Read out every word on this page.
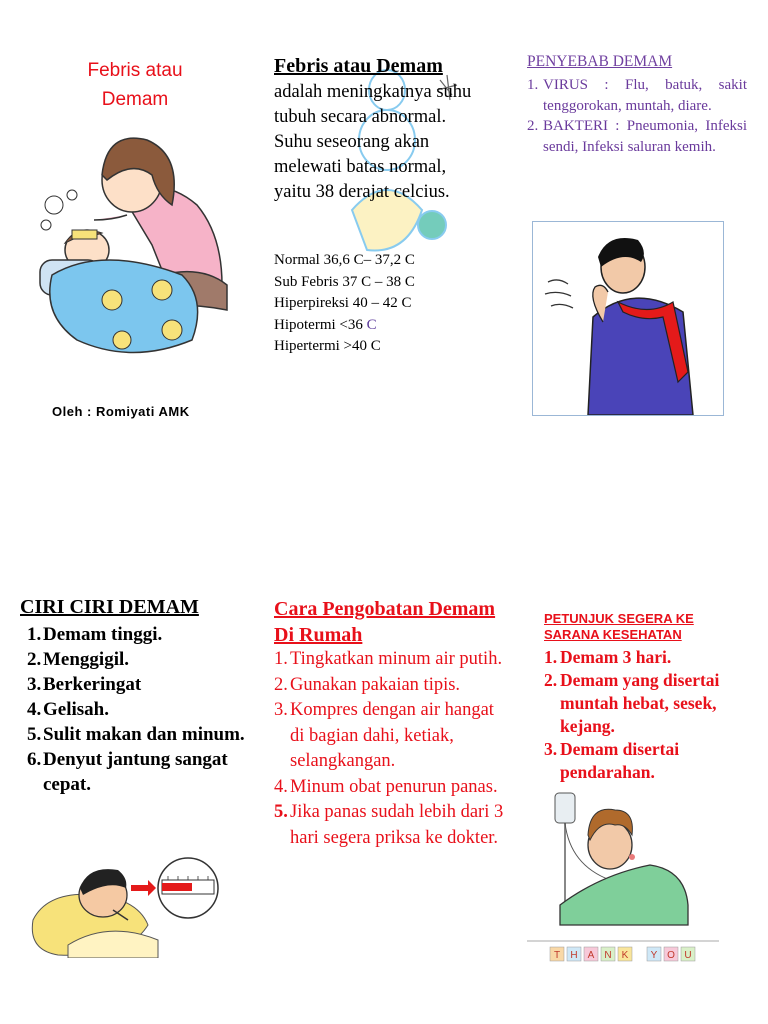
Febris atau
Demam
Oleh : Romiyati AMK
Febris atau Demam
adalah meningkatnya suhu tubuh secara abnormal. Suhu seseorang akan melewati batas normal, yaitu 38 derajat celcius.
Normal 36,6 C– 37,2 C
Sub Febris 37 C – 38 C
Hiperpireksi 40 – 42 C
Hipotermi <36 C
Hipertermi >40 C
PENYEBAB DEMAM
1. VIRUS : Flu, batuk, sakit tenggorokan, muntah, diare.
2. BAKTERI : Pneumonia, Infeksi sendi, Infeksi saluran kemih.
CIRI CIRI DEMAM
1. Demam tinggi.
2. Menggigil.
3. Berkeringat
4. Gelisah.
5. Sulit makan dan minum.
6. Denyut jantung sangat cepat.
Cara Pengobatan Demam Di Rumah
1. Tingkatkan minum air putih.
2. Gunakan pakaian tipis.
3. Kompres dengan air hangat di bagian dahi, ketiak, selangkangan.
4. Minum obat penurun panas.
5. Jika panas sudah lebih dari 3 hari segera priksa ke dokter.
PETUNJUK SEGERA KE SARANA KESEHATAN
1. Demam 3 hari.
2. Demam yang disertai muntah hebat, sesek, kejang.
3. Demam disertai pendarahan.
T H A N K Y O U
